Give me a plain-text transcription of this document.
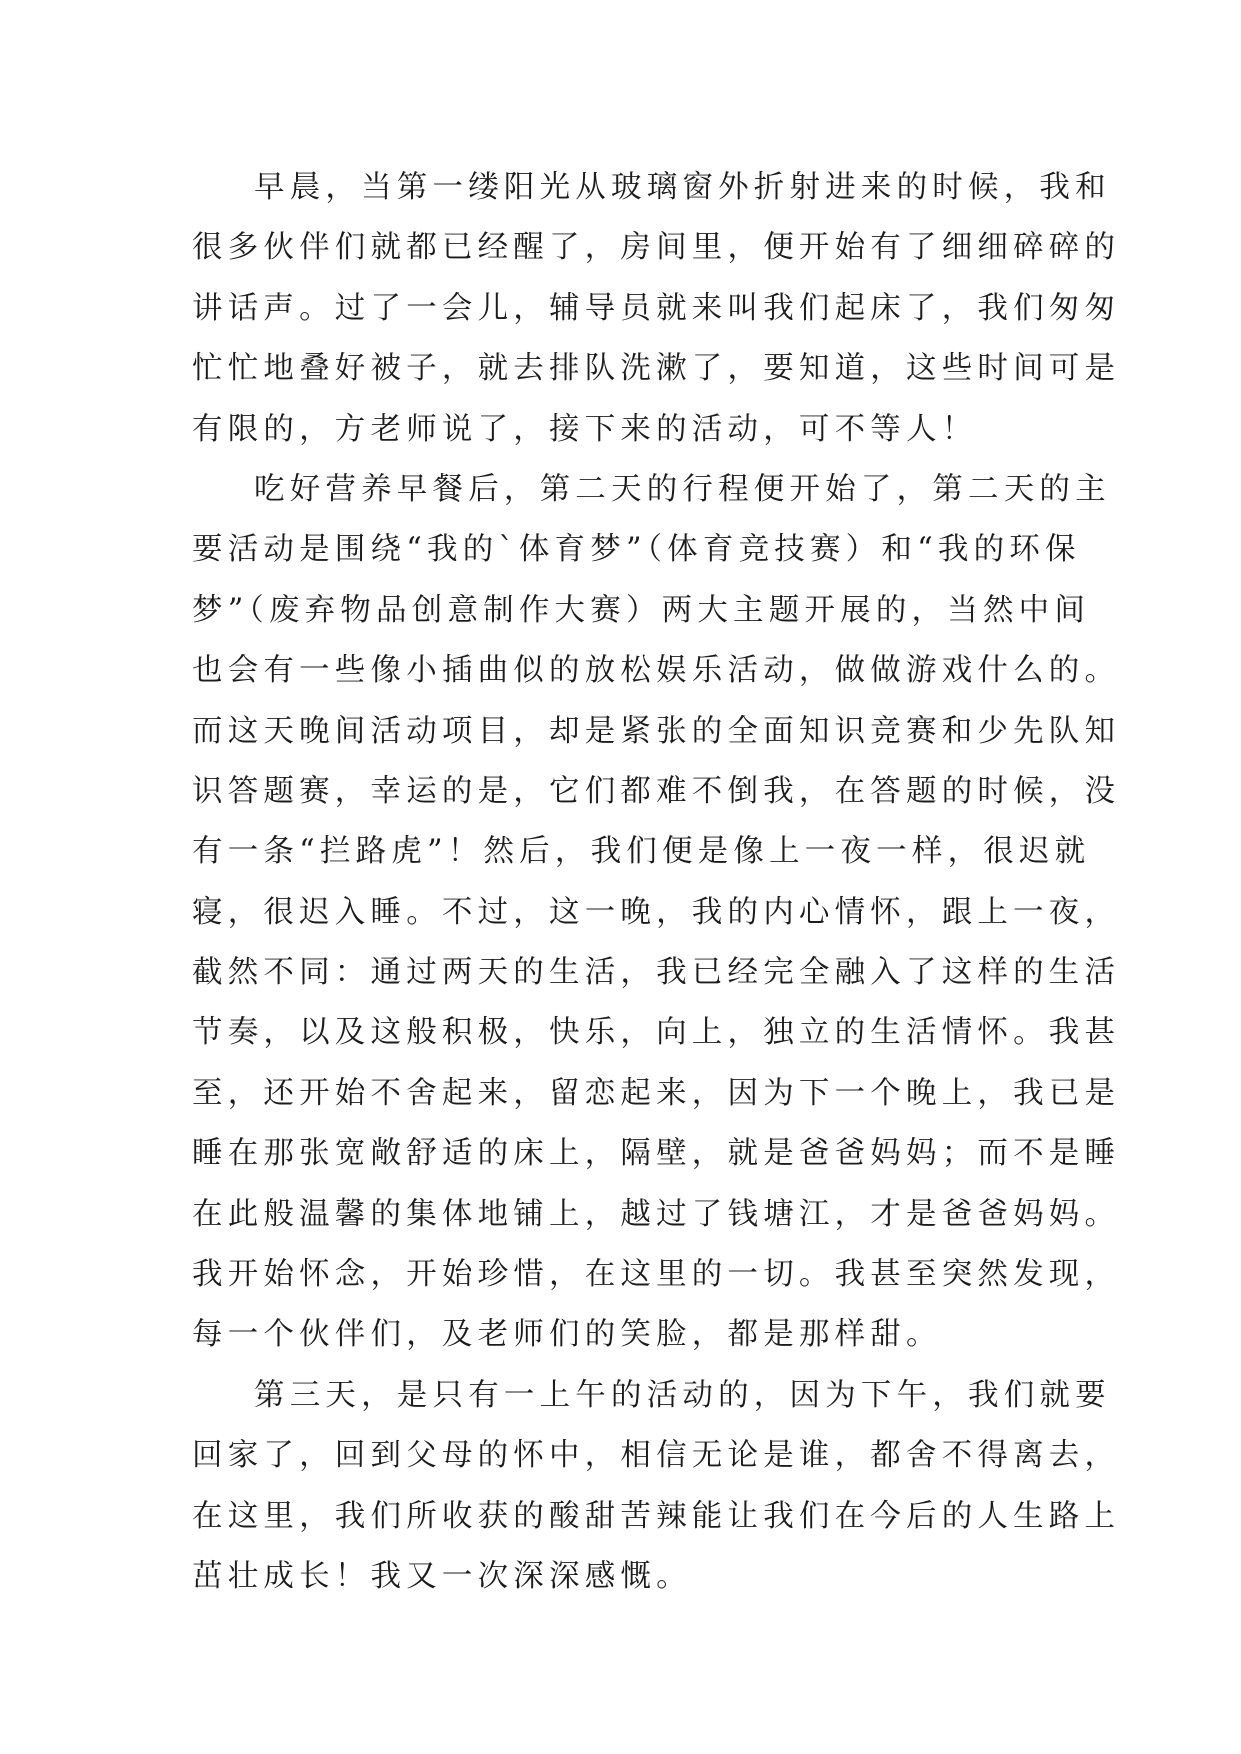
早晨，当第一缕阳光从玻璃窗外折射进来的时候，我和
很多伙伴们就都已经醒了，房间里，便开始有了细细碎碎的
讲话声。过了一会儿，辅导员就来叫我们起床了，我们匆匆
忙忙地叠好被子，就去排队洗漱了，要知道，这些时间可是
有限的，方老师说了，接下来的活动，可不等人！
吃好营养早餐后，第二天的行程便开始了，第二天的主
要活动是围绕“我的`体育梦”（体育竞技赛）和“我的环保
梦”（废弃物品创意制作大赛）两大主题开展的，当然中间
也会有一些像小插曲似的放松娱乐活动，做做游戏什么的。
而这天晚间活动项目，却是紧张的全面知识竞赛和少先队知
识答题赛，幸运的是，它们都难不倒我，在答题的时候，没
有一条“拦路虎”！然后，我们便是像上一夜一样，很迟就
寝，很迟入睡。不过，这一晚，我的内心情怀，跟上一夜，
截然不同：通过两天的生活，我已经完全融入了这样的生活
节奏，以及这般积极，快乐，向上，独立的生活情怀。我甚
至，还开始不舍起来，留恋起来，因为下一个晚上，我已是
睡在那张宽敞舒适的床上，隔壁，就是爸爸妈妈；而不是睡
在此般温馨的集体地铺上，越过了钱塘江，才是爸爸妈妈。
我开始怀念，开始珍惜，在这里的一切。我甚至突然发现，
每一个伙伴们，及老师们的笑脸，都是那样甜。
第三天，是只有一上午的活动的，因为下午，我们就要
回家了，回到父母的怀中，相信无论是谁，都舍不得离去，
在这里，我们所收获的酸甜苦辣能让我们在今后的人生路上
茁壮成长！我又一次深深感慨。
